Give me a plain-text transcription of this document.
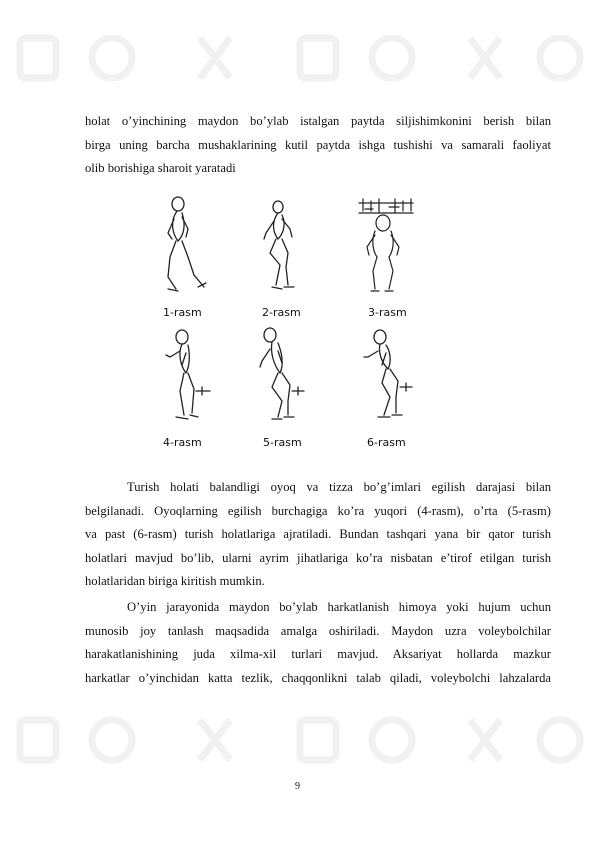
holat o’yinchining maydon bo’ylab istalgan paytda siljishimkonini berish bilan
birga uning barcha mushaklarining kutil paytda ishga tushishi va samarali faoliyat
olib borishiga sharoit yaratadi
1-rasm	2-rasm	3-rasm
4-rasm	5-rasm	6-rasm
Turish holati balandligi oyoq va tizza bo’g’imlari egilish darajasi bilan
belgilanadi. Oyoqlarning egilish burchagiga ko’ra yuqori (4-rasm), o’rta (5-rasm)
va past (6-rasm) turish holatlariga ajratiladi. Bundan tashqari yana bir qator turish
holatlari mavjud bo’lib, ularni ayrim jihatlariga ko’ra nisbatan e’tirof etilgan turish
holatlaridan biriga kiritish mumkin.
O’yin jarayonida maydon bo’ylab harkatlanish himoya yoki hujum uchun
munosib joy tanlash maqsadida amalga oshiriladi. Maydon uzra voleybolchilar
harakatlanishining juda xilma-xil turlari mavjud. Aksariyat hollarda mazkur
harkatlar o’yinchidan katta tezlik, chaqqonlikni talab qiladi, voleybolchi lahzalarda
9
